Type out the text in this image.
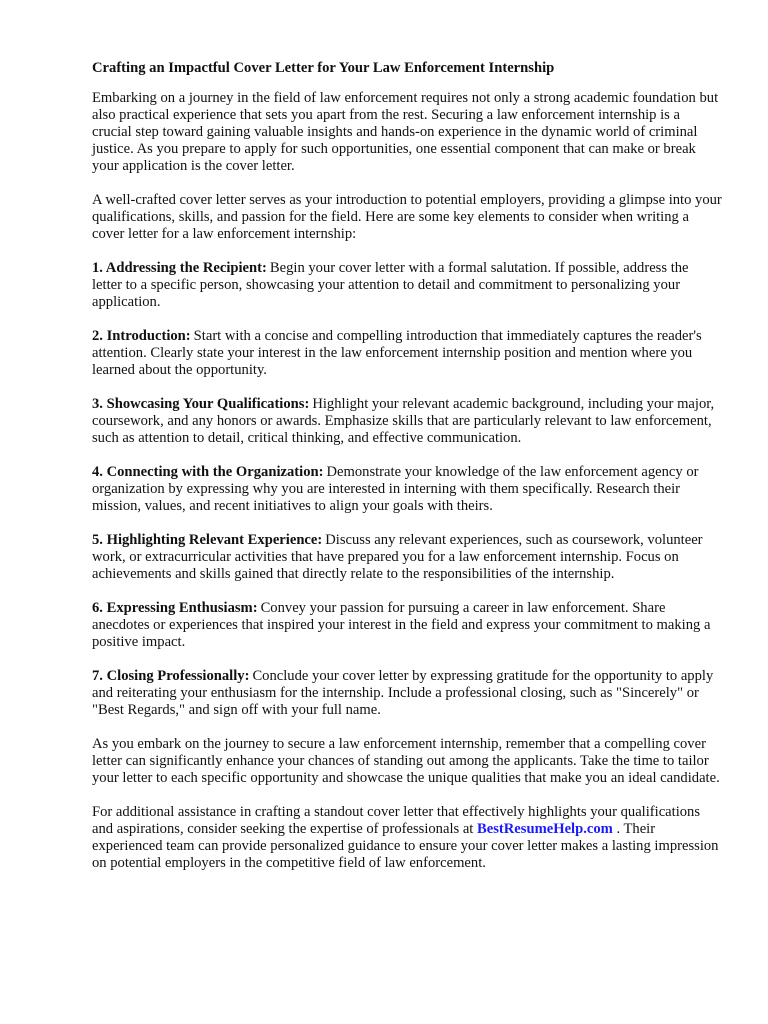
Crafting an Impactful Cover Letter for Your Law Enforcement Internship

Embarking on a journey in the field of law enforcement requires not only a strong academic foundation but also practical experience that sets you apart from the rest. Securing a law enforcement internship is a crucial step toward gaining valuable insights and hands-on experience in the dynamic world of criminal justice. As you prepare to apply for such opportunities, one essential component that can make or break your application is the cover letter.

A well-crafted cover letter serves as your introduction to potential employers, providing a glimpse into your qualifications, skills, and passion for the field. Here are some key elements to consider when writing a cover letter for a law enforcement internship:

1. Addressing the Recipient: Begin your cover letter with a formal salutation. If possible, address the letter to a specific person, showcasing your attention to detail and commitment to personalizing your application.

2. Introduction: Start with a concise and compelling introduction that immediately captures the reader's attention. Clearly state your interest in the law enforcement internship position and mention where you learned about the opportunity.

3. Showcasing Your Qualifications: Highlight your relevant academic background, including your major, coursework, and any honors or awards. Emphasize skills that are particularly relevant to law enforcement, such as attention to detail, critical thinking, and effective communication.

4. Connecting with the Organization: Demonstrate your knowledge of the law enforcement agency or organization by expressing why you are interested in interning with them specifically. Research their mission, values, and recent initiatives to align your goals with theirs.

5. Highlighting Relevant Experience: Discuss any relevant experiences, such as coursework, volunteer work, or extracurricular activities that have prepared you for a law enforcement internship. Focus on achievements and skills gained that directly relate to the responsibilities of the internship.

6. Expressing Enthusiasm: Convey your passion for pursuing a career in law enforcement. Share anecdotes or experiences that inspired your interest in the field and express your commitment to making a positive impact.

7. Closing Professionally: Conclude your cover letter by expressing gratitude for the opportunity to apply and reiterating your enthusiasm for the internship. Include a professional closing, such as "Sincerely" or "Best Regards," and sign off with your full name.

As you embark on the journey to secure a law enforcement internship, remember that a compelling cover letter can significantly enhance your chances of standing out among the applicants. Take the time to tailor your letter to each specific opportunity and showcase the unique qualities that make you an ideal candidate.

For additional assistance in crafting a standout cover letter that effectively highlights your qualifications and aspirations, consider seeking the expertise of professionals at BestResumeHelp.com . Their experienced team can provide personalized guidance to ensure your cover letter makes a lasting impression on potential employers in the competitive field of law enforcement.
